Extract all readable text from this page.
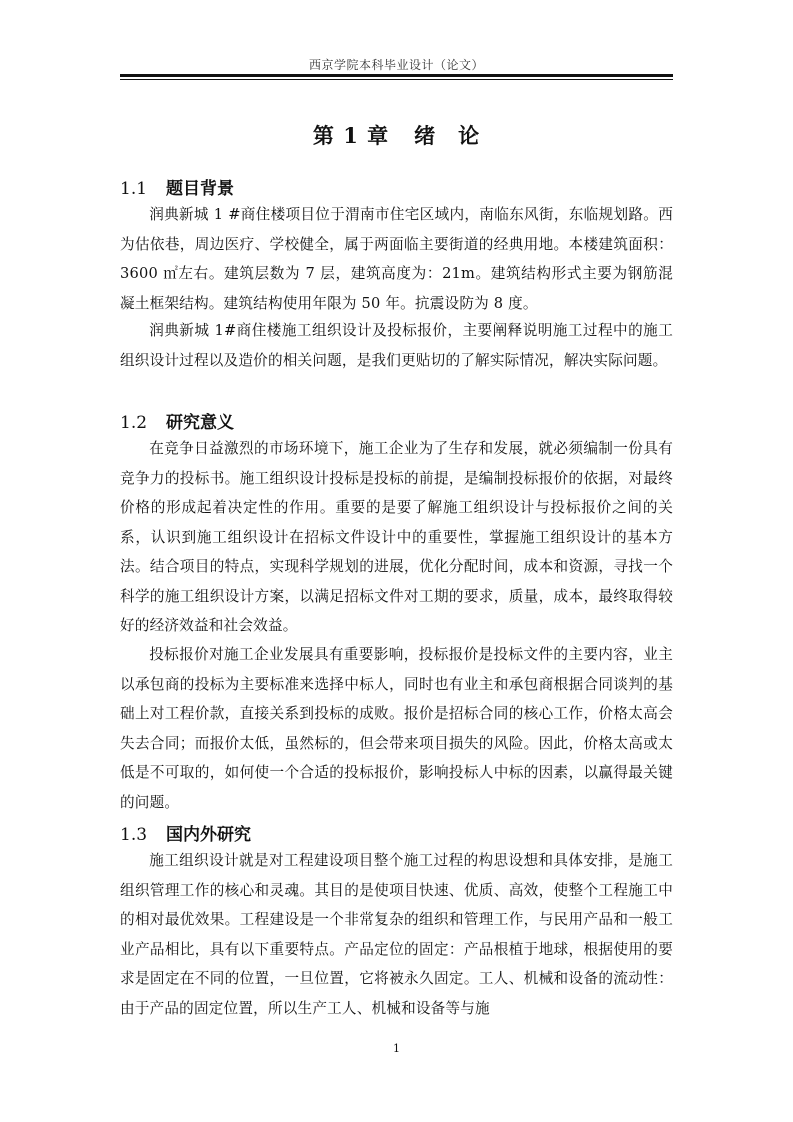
西京学院本科毕业设计（论文）
第 1 章 绪　论
1.1 题目背景

润典新城 1 #商住楼项目位于渭南市住宅区域内，南临东风街，东临规划路。西为估依巷，周边医疗、学校健全，属于两面临主要街道的经典用地。本楼建筑面积：3600 ㎡左右。建筑层数为 7 层，建筑高度为：21m。建筑结构形式主要为钢筋混凝土框架结构。建筑结构使用年限为 50 年。抗震设防为 8 度。

润典新城 1#商住楼施工组织设计及投标报价，主要阐释说明施工过程中的施工组织设计过程以及造价的相关问题，是我们更贴切的了解实际情况，解决实际问题。

1.2 研究意义

在竞争日益激烈的市场环境下，施工企业为了生存和发展，就必须编制一份具有竞争力的投标书。施工组织设计投标是投标的前提，是编制投标报价的依据，对最终价格的形成起着决定性的作用。重要的是要了解施工组织设计与投标报价之间的关系，认识到施工组织设计在招标文件设计中的重要性，掌握施工组织设计的基本方法。结合项目的特点，实现科学规划的进展，优化分配时间，成本和资源，寻找一个科学的施工组织设计方案，以满足招标文件对工期的要求，质量，成本，最终取得较好的经济效益和社会效益。

投标报价对施工企业发展具有重要影响，投标报价是投标文件的主要内容，业主以承包商的投标为主要标准来选择中标人，同时也有业主和承包商根据合同谈判的基础上对工程价款，直接关系到投标的成败。报价是招标合同的核心工作，价格太高会失去合同；而报价太低，虽然标的，但会带来项目损失的风险。因此，价格太高或太低是不可取的，如何使一个合适的投标报价，影响投标人中标的因素，以赢得最关键的问题。

1.3 国内外研究

施工组织设计就是对工程建设项目整个施工过程的构思设想和具体安排，是施工组织管理工作的核心和灵魂。其目的是使项目快速、优质、高效，使整个工程施工中的相对最优效果。工程建设是一个非常复杂的组织和管理工作，与民用产品和一般工业产品相比，具有以下重要特点。产品定位的固定：产品根植于地球，根据使用的要求是固定在不同的位置，一旦位置，它将被永久固定。工人、机械和设备的流动性：由于产品的固定位置，所以生产工人、机械和设备等与施

1
